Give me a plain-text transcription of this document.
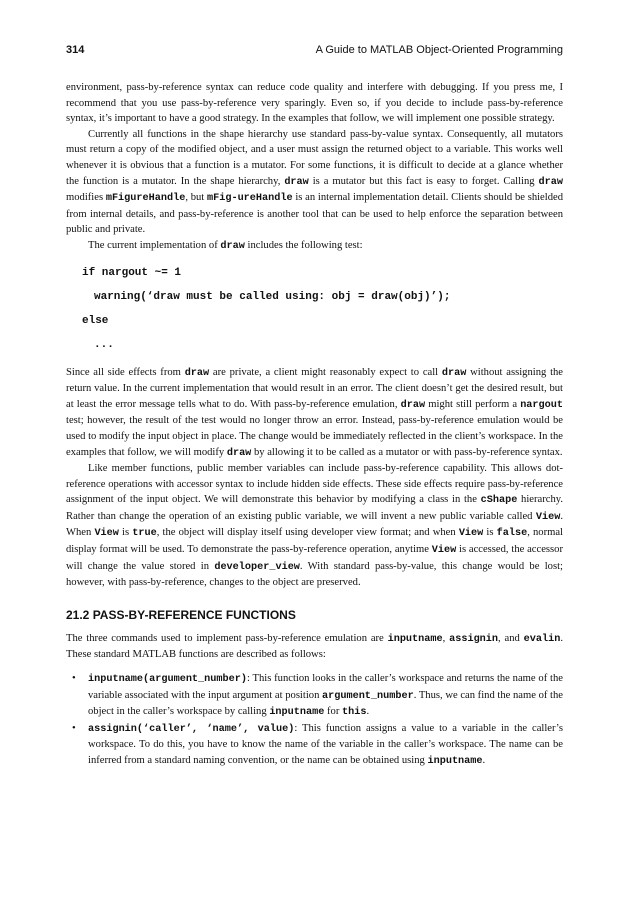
314	A Guide to MATLAB Object-Oriented Programming

environment, pass-by-reference syntax can reduce code quality and interfere with debugging. If you press me, I recommend that you use pass-by-reference very sparingly. Even so, if you decide to include pass-by-reference syntax, it’s important to have a good strategy. In the examples that follow, we will implement one possible strategy.

Currently all functions in the shape hierarchy use standard pass-by-value syntax. Consequently, all mutators must return a copy of the modified object, and a user must assign the returned object to a variable. This works well whenever it is obvious that a function is a mutator. For some functions, it is difficult to decide at a glance whether the function is a mutator. In the shape hierarchy, draw is a mutator but this fact is easy to forget. Calling draw modifies mFigureHandle, but mFig-ureHandle is an internal implementation detail. Clients should be shielded from internal details, and pass-by-reference is another tool that can be used to help enforce the separation between public and private.

The current implementation of draw includes the following test:

if nargout ~= 1
warning(‘draw must be called using: obj = draw(obj)’);
else
...

Since all side effects from draw are private, a client might reasonably expect to call draw without assigning the return value. In the current implementation that would result in an error. The client doesn’t get the desired result, but at least the error message tells what to do. With pass-by-reference emulation, draw might still perform a nargout test; however, the result of the test would no longer throw an error. Instead, pass-by-reference emulation would be used to modify the input object in place. The change would be immediately reflected in the client’s workspace. In the examples that follow, we will modify draw by allowing it to be called as a mutator or with pass-by-reference syntax.

Like member functions, public member variables can include pass-by-reference capability. This allows dot-reference operations with accessor syntax to include hidden side effects. These side effects require pass-by-reference assignment of the input object. We will demonstrate this behavior by modifying a class in the cShape hierarchy. Rather than change the operation of an existing public variable, we will invent a new public variable called View. When View is true, the object will display itself using developer view format; and when View is false, normal display format will be used. To demonstrate the pass-by-reference operation, anytime View is accessed, the accessor will change the value stored in developer_view. With standard pass-by-value, this change would be lost; however, with pass-by-reference, changes to the object are preserved.

21.2 PASS-BY-REFERENCE FUNCTIONS

The three commands used to implement pass-by-reference emulation are inputname, assignin, and evalin. These standard MATLAB functions are described as follows:

• inputname(argument_number): This function looks in the caller’s workspace and returns the name of the variable associated with the input argument at position argument_number. Thus, we can find the name of the object in the caller’s workspace by calling inputname for this.
• assignin(‘caller’, ‘name’, value): This function assigns a value to a variable in the caller’s workspace. To do this, you have to know the name of the variable in the caller’s workspace. The name can be inferred from a standard naming convention, or the name can be obtained using inputname.
